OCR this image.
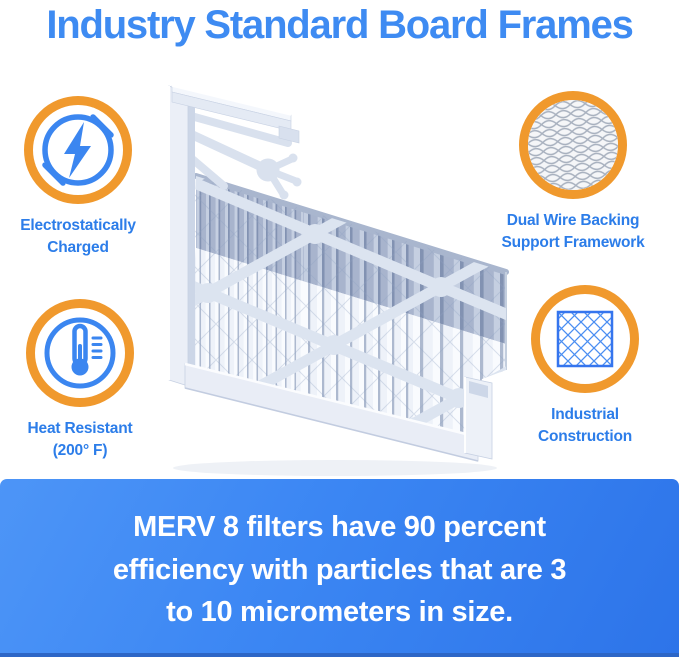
Industry Standard Board Frames
Electrostatically
Charged
Dual Wire Backing
Support Framework
Heat Resistant
(200° F)
Industrial
Construction

MERV 8 filters have 90 percent

efficiency with particles that are 3

to 10 micrometers in size.
